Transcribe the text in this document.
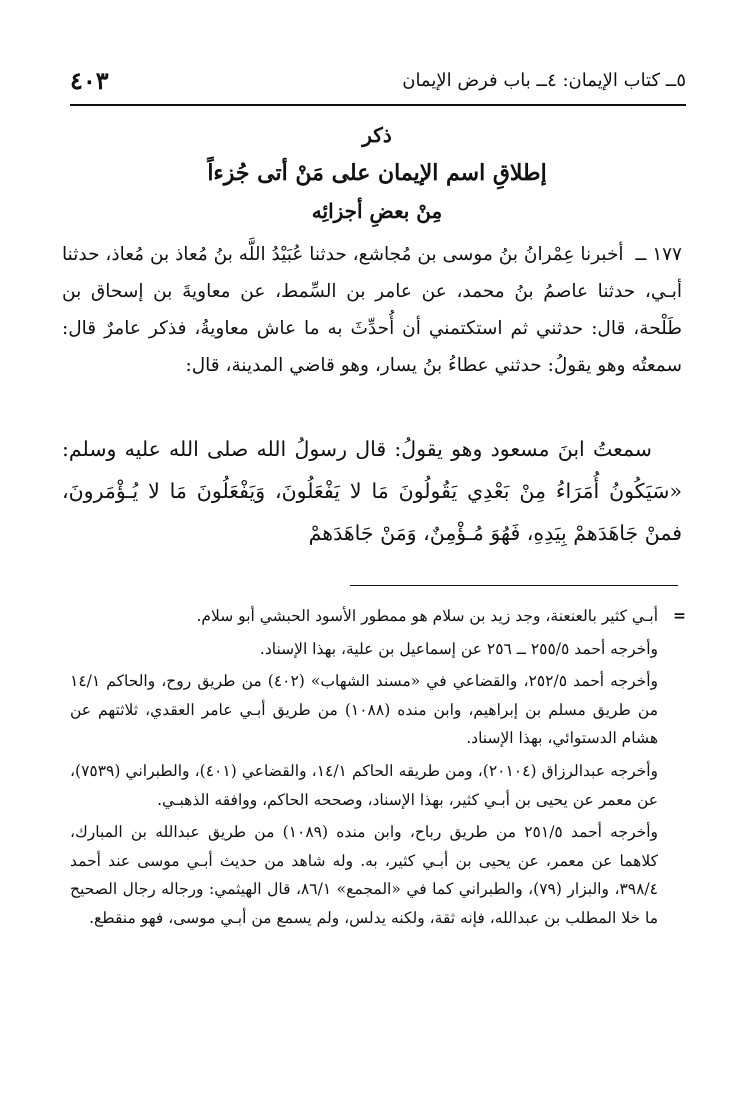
٥ــ كتاب الإيمان: ٤ــ باب فرض الإيمان
٤٠٣
ذكر
إطلاقِ اسم الإيمان على مَنْ أتى جُزءاً
مِنْ بعضِ أجزائِه

١٧٧ ــ أخبرنا عِمْرانُ بنُ موسى بن مُجاشع، حدثنا عُبَيْدُ اللَّه بنُ مُعاذ بن مُعاذ، حدثنا أبـي، حدثنا عاصمُ بنُ محمد، عن عامر بن السِّمط، عن معاويةَ بن إسحاق بن طَلْحة، قال: حدثني ثم استكتمني أن أُحدِّثَ به ما عاش معاويةُ، فذكر عامرٌ قال: سمعتُه وهو يقولُ: حدثني عطاءُ بنُ يسار، وهو قاضي المدينة، قال:

سمعتُ ابنَ مسعود وهو يقولُ: قال رسولُ الله صلى الله عليه وسلم: «سَيَكُونُ أُمَرَاءُ مِنْ بَعْدِي يَقُولُونَ مَا لا يَفْعَلُونَ، وَيَفْعَلُونَ مَا لا يُـؤْمَرونَ، فمنْ جَاهَدَهمْ بِيَدِهِ، فَهُوَ مُـؤْمِنٌ، وَمَنْ جَاهَدَهمْ

=
أبـي كثير بالعنعنة، وجد زيد بن سلام هو ممطور الأسود الحبشي أبو سلام.

وأخرجه أحمد ٢٥٥/٥ ــ ٢٥٦ عن إسماعيل بن علية، بهذا الإسناد.

وأخرجه أحمد ٢٥٢/٥، والقضاعي في «مسند الشهاب» (٤٠٢) من طريق روح، والحاكم ١٤/١ من طريق مسلم بن إبراهيم، وابن منده (١٠٨٨) من طريق أبـي عامر العقدي، ثلاثتهم عن هشام الدستوائي، بهذا الإسناد.

وأخرجه عبدالرزاق (٢٠١٠٤)، ومن طريقه الحاكم ١٤/١، والقضاعي (٤٠١)، والطبراني (٧٥٣٩)، عن معمر عن يحيى بن أبـي كثير، بهذا الإسناد، وصححه الحاكم، ووافقه الذهبـي.

وأخرجه أحمد ٢٥١/٥ من طريق رباح، وابن منده (١٠٨٩) من طريق عبدالله بن المبارك، كلاهما عن معمر، عن يحيى بن أبـي كثير، به. وله شاهد من حديث أبـي موسى عند أحمد ٣٩٨/٤، والبزار (٧٩)، والطبراني كما في «المجمع» ٨٦/١، قال الهيثمي: ورجاله رجال الصحيح ما خلا المطلب بن عبدالله، فإنه ثقة، ولكنه يدلس، ولم يسمع من أبـي موسى، فهو منقطع.
